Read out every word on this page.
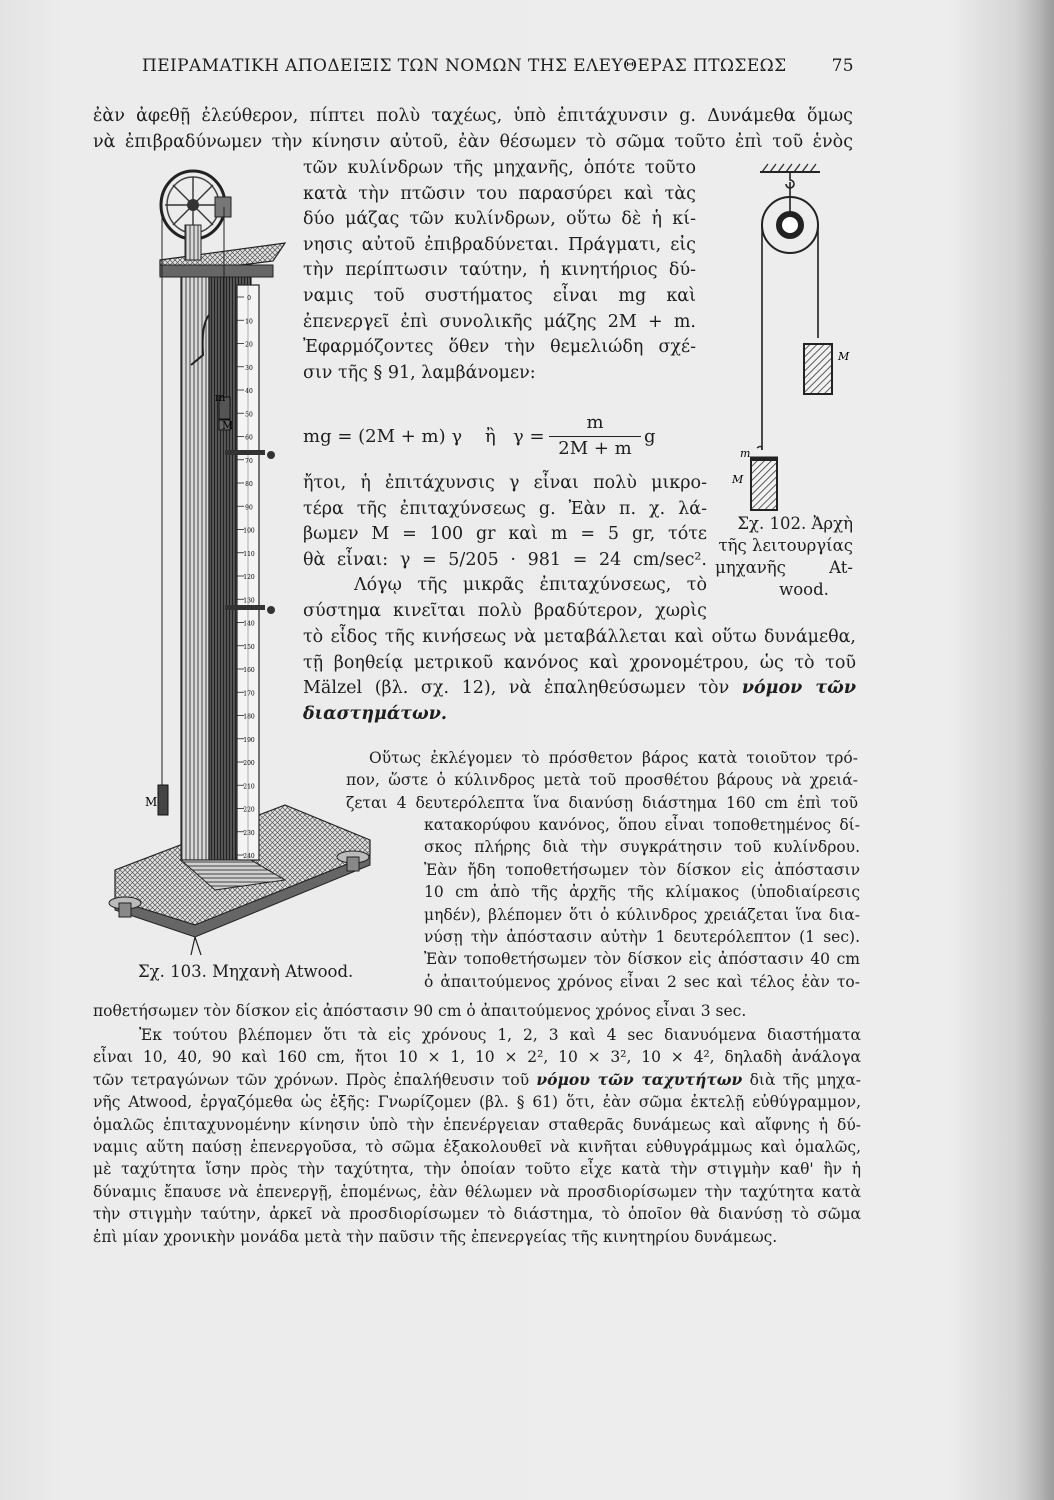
ΠΕΙΡΑΜΑΤΙΚΗ ΑΠΟΔΕΙΞΙΣ ΤΩΝ ΝΟΜΩΝ ΤΗΣ ΕΛΕΥΘΕΡΑΣ ΠΤΩΣΕΩΣ	75
ἐὰν ἀφεθῇ ἐλεύθερον, πίπτει πολὺ ταχέως, ὑπὸ ἐπιτάχυνσιν g. Δυνάμεθα ὅμως
νὰ ἐπιβραδύνωμεν τὴν κίνησιν αὐτοῦ, ἐὰν θέσωμεν τὸ σῶμα τοῦτο ἐπὶ τοῦ ἑνὸς
τῶν κυλίνδρων τῆς μηχανῆς, ὁπότε τοῦτο
κατὰ τὴν πτῶσιν του παρασύρει καὶ τὰς
δύο μάζας τῶν κυλίνδρων, οὕτω δὲ ἡ κί-
νησις αὐτοῦ ἐπιβραδύνεται. Πράγματι, εἰς
τὴν περίπτωσιν ταύτην, ἡ κινητήριος δύ-
ναμις τοῦ συστήματος εἶναι mg καὶ
ἐπενεργεῖ ἐπὶ συνολικῆς μάζης 2M + m.
Ἐφαρμόζοντες ὅθεν τὴν θεμελιώδη σχέ-
σιν τῆς § 91, λαμβάνομεν:
mg = (2M + m) γ ἢ γ =
m
2M + m
g
ἤτοι, ἡ ἐπιτάχυνσις γ εἶναι πολὺ μικρο-
τέρα τῆς ἐπιταχύνσεως g. Ἐὰν π. χ. λά-
βωμεν M = 100 gr καὶ m = 5 gr, τότε
θὰ εἶναι: γ = 5/205 · 981 = 24 cm/sec².
Λόγῳ τῆς μικρᾶς ἐπιταχύνσεως, τὸ
σύστημα κινεῖται πολὺ βραδύτερον, χωρὶς
τὸ εἶδος τῆς κινήσεως νὰ μεταβάλλεται καὶ οὕτω δυνάμεθα,
τῇ βοηθείᾳ μετρικοῦ κανόνος καὶ χρονομέτρου, ὡς τὸ τοῦ
Mälzel (βλ. σχ. 12), νὰ ἐπαληθεύσωμεν τὸν νόμον τῶν
διαστημάτων.
Οὕτως ἐκλέγομεν τὸ πρόσθετον βάρος κατὰ τοιοῦτον τρό-
πον, ὥστε ὁ κύλινδρος μετὰ τοῦ προσθέτου βάρους νὰ χρειά-
ζεται 4 δευτερόλεπτα ἵνα διανύσῃ διάστημα 160 cm ἐπὶ τοῦ
κατακορύφου κανόνος, ὅπου εἶναι τοποθετημένος δί-
σκος πλήρης διὰ τὴν συγκράτησιν τοῦ κυλίνδρου.
Ἐὰν ἤδη τοποθετήσωμεν τὸν δίσκον εἰς ἀπόστασιν
10 cm ἀπὸ τῆς ἀρχῆς τῆς κλίμακος (ὑποδιαίρεσις
μηδέν), βλέπομεν ὅτι ὁ κύλινδρος χρειάζεται ἵνα δια-
νύσῃ τὴν ἀπόστασιν αὐτὴν 1 δευτερόλεπτον (1 sec).
Ἐὰν τοποθετήσωμεν τὸν δίσκον εἰς ἀπόστασιν 40 cm
ὁ ἀπαιτούμενος χρόνος εἶναι 2 sec καὶ τέλος ἐὰν το-
ποθετήσωμεν τὸν δίσκον εἰς ἀπόστασιν 90 cm ὁ ἀπαιτούμενος χρόνος εἶναι 3 sec.
Ἐκ τούτου βλέπομεν ὅτι τὰ εἰς χρόνους 1, 2, 3 καὶ 4 sec διανυόμενα διαστήματα
εἶναι 10, 40, 90 καὶ 160 cm, ἤτοι 10 × 1, 10 × 2², 10 × 3², 10 × 4², δηλαδὴ ἀνάλογα
τῶν τετραγώνων τῶν χρόνων. Πρὸς ἐπαλήθευσιν τοῦ νόμου τῶν ταχυτήτων διὰ τῆς μηχα-
νῆς Atwood, ἐργαζόμεθα ὡς ἑξῆς: Γνωρίζομεν (βλ. § 61) ὅτι, ἐὰν σῶμα ἐκτελῇ εὐθύγραμμον,
ὁμαλῶς ἐπιταχυνομένην κίνησιν ὑπὸ τὴν ἐπενέργειαν σταθερᾶς δυνάμεως καὶ αἴφνης ἡ δύ-
ναμις αὕτη παύσῃ ἐπενεργοῦσα, τὸ σῶμα ἐξακολουθεῖ νὰ κινῆται εὐθυγράμμως καὶ ὁμαλῶς,
μὲ ταχύτητα ἴσην πρὸς τὴν ταχύτητα, τὴν ὁποίαν τοῦτο εἶχε κατὰ τὴν στιγμὴν καθ' ἣν ἡ
δύναμις ἔπαυσε νὰ ἐπενεργῇ, ἑπομένως, ἐὰν θέλωμεν νὰ προσδιορίσωμεν τὴν ταχύτητα κατὰ
τὴν στιγμὴν ταύτην, ἀρκεῖ νὰ προσδιορίσωμεν τὸ διάστημα, τὸ ὁποῖον θὰ διανύσῃ τὸ σῶμα
ἐπὶ μίαν χρονικὴν μονάδα μετὰ τὴν παῦσιν τῆς ἐπενεργείας τῆς κινητηρίου δυνάμεως.
M
m
M
Σχ. 102. Ἀρχὴ
τῆς λειτουργίας
μηχανῆς At-
wood.
M
m
M
0
10
20
30
40
50
60
70
80
90
100
110
120
130
140
150
160
170
180
190
200
210
220
230
240
Σχ. 103. Μηχανὴ Atwood.
